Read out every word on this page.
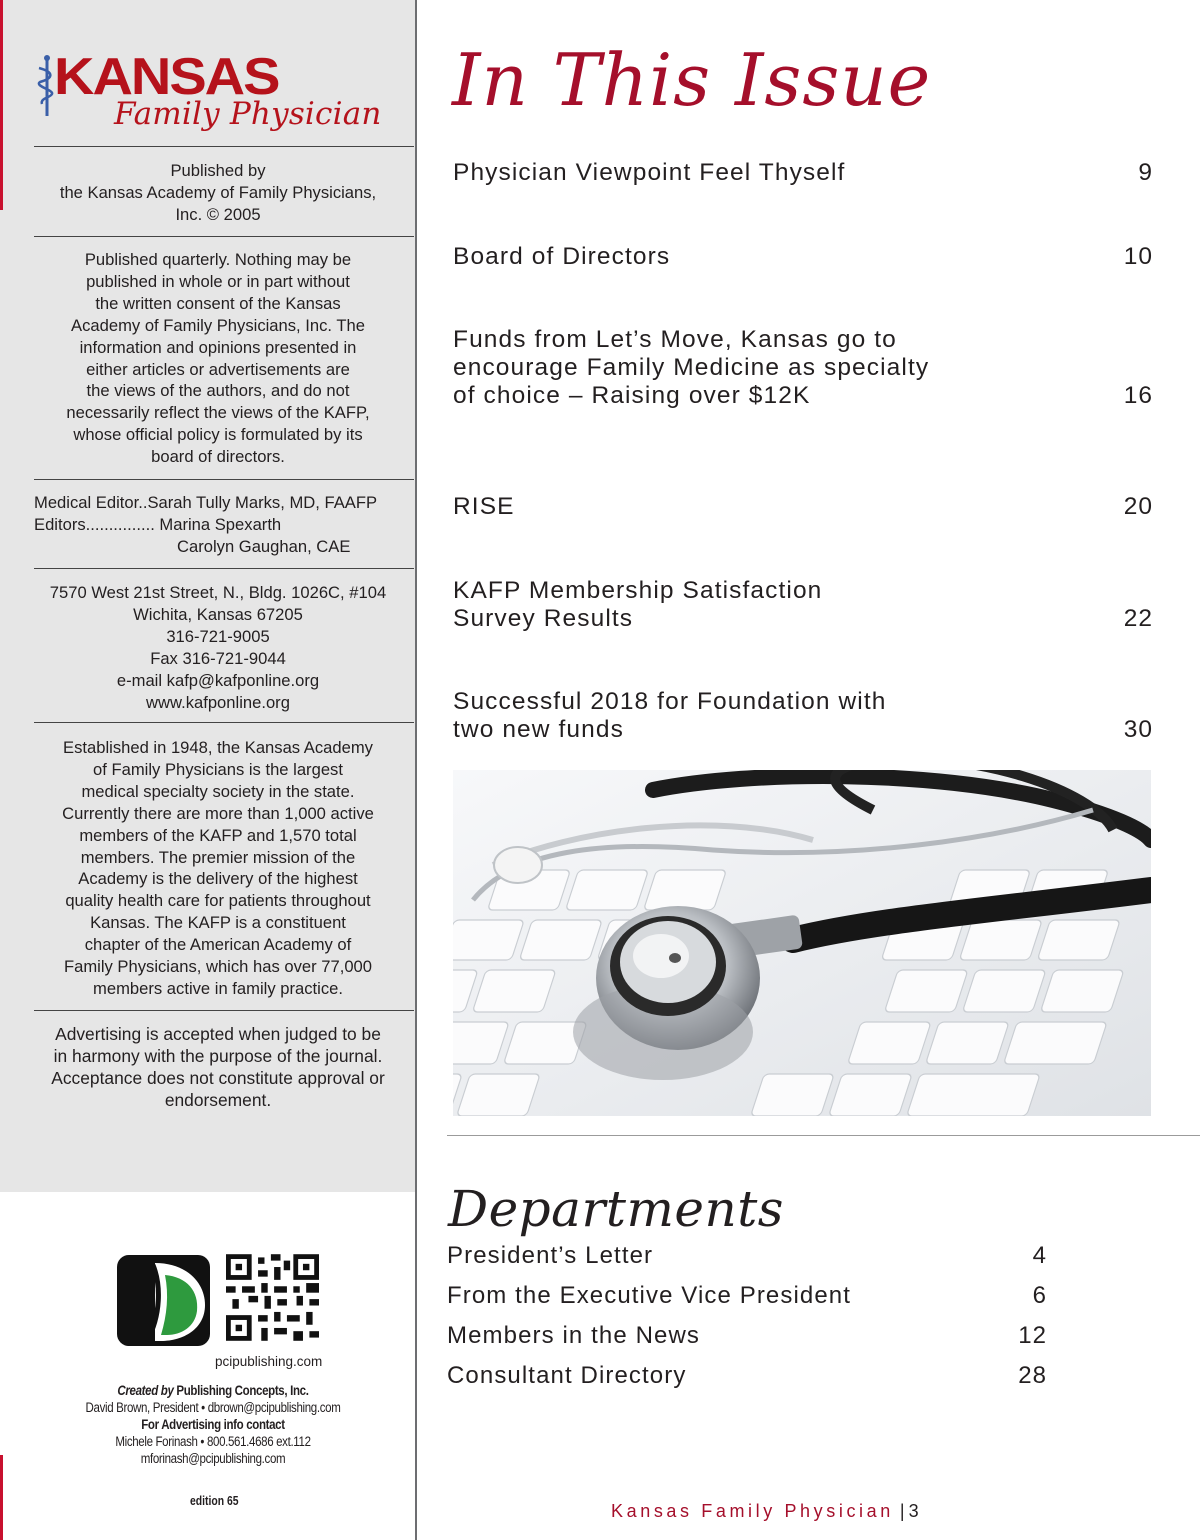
KANSAS
Family Physician
Published by
the Kansas Academy of Family Physicians,
Inc. © 2005
Published quarterly. Nothing may be
published in whole or in part without
the written consent of the Kansas
Academy of Family Physicians, Inc. The
information and opinions presented in
either articles or advertisements are
the views of the authors, and do not
necessarily reflect the views of the KAFP,
whose official policy is formulated by its
board of directors.
Medical Editor..Sarah Tully Marks, MD, FAAFP
Editors............... Marina Spexarth
Carolyn Gaughan, CAE
7570 West 21st Street, N., Bldg. 1026C, #104
Wichita, Kansas 67205
316-721-9005
Fax 316-721-9044
e-mail kafp@kafponline.org
www.kafponline.org
Established in 1948, the Kansas Academy
of Family Physicians is the largest
medical specialty society in the state.
Currently there are more than 1,000 active
members of the KAFP and 1,570 total
members. The premier mission of the
Academy is the delivery of the highest
quality health care for patients throughout
Kansas. The KAFP is a constituent
chapter of the American Academy of
Family Physicians, which has over 77,000
members active in family practice.
Advertising is accepted when judged to be
in harmony with the purpose of the journal.
Acceptance does not constitute approval or
endorsement.
pcipublishing.com
Created by Publishing Concepts, Inc.
David Brown, President • dbrown@pcipublishing.com
For Advertising info contact
Michele Forinash • 800.561.4686 ext.112
mforinash@pcipublishing.com
edition 65
In This Issue
Physician Viewpoint Feel Thyself	9
Board of Directors	10
Funds from Let’s Move, Kansas go to encourage Family Medicine as specialty of choice – Raising over $12K	16
RISE	20
KAFP Membership Satisfaction Survey Results	22
Successful 2018 for Foundation with two new funds	30
Departments
President’s Letter	4
From the Executive Vice President	6
Members in the News	12
Consultant Directory	28
Kansas Family Physician | 3
